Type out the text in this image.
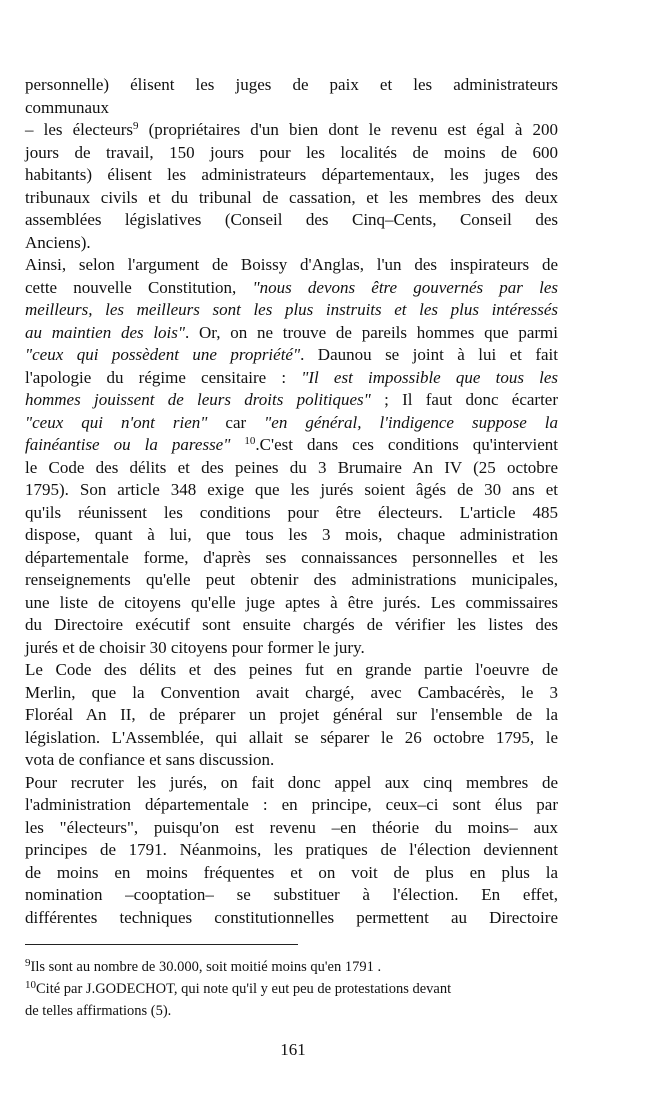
personnelle) élisent les juges de paix et les administrateurs
communaux
– les électeurs$^9$ (propriétaires d'un bien dont le revenu est égal à 200
jours de travail, 150 jours pour les localités de moins de 600
habitants) élisent les administrateurs départementaux, les juges des
tribunaux civils et du tribunal de cassation, et les membres des deux
assemblées législatives (Conseil des Cinq–Cents, Conseil des
Anciens).
Ainsi, selon l'argument de Boissy d'Anglas, l'un des inspirateurs de
cette nouvelle Constitution, "nous devons être gouvernés par les
meilleurs, les meilleurs sont les plus instruits et les plus intéressés
au maintien des lois". Or, on ne trouve de pareils hommes que parmi
"ceux qui possèdent une propriété". Daunou se joint à lui et fait
l'apologie du régime censitaire : "Il est impossible que tous les
hommes jouissent de leurs droits politiques" ; Il faut donc écarter
"ceux qui n'ont rien" car "en général, l'indigence suppose la
fainéantise ou la paresse" $^{10}$.C'est dans ces conditions qu'intervient
le Code des délits et des peines du 3 Brumaire An IV (25 octobre
1795). Son article 348 exige que les jurés soient âgés de 30 ans et
qu'ils réunissent les conditions pour être électeurs. L'article 485
dispose, quant à lui, que tous les 3 mois, chaque administration
départementale forme, d'après ses connaissances personnelles et les
renseignements qu'elle peut obtenir des administrations municipales,
une liste de citoyens qu'elle juge aptes à être jurés. Les commissaires
du Directoire exécutif sont ensuite chargés de vérifier les listes des
jurés et de choisir 30 citoyens pour former le jury.
Le Code des délits et des peines fut en grande partie l'oeuvre de
Merlin, que la Convention avait chargé, avec Cambacérès, le 3
Floréal An II, de préparer un projet général sur l'ensemble de la
législation. L'Assemblée, qui allait se séparer le 26 octobre 1795, le
vota de confiance et sans discussion.
Pour recruter les jurés, on fait donc appel aux cinq membres de
l'administration départementale : en principe, ceux–ci sont élus par
les "électeurs", puisqu'on est revenu –en théorie du moins– aux
principes de 1791. Néanmoins, les pratiques de l'élection deviennent
de moins en moins fréquentes et on voit de plus en plus la
nomination –cooptation– se substituer à l'élection. En effet,
différentes techniques constitutionnelles permettent au Directoire
$^9$Ils sont au nombre de 30.000, soit moitié moins qu'en 1791 .
$^{10}$Cité par J.GODECHOT, qui note qu'il y eut peu de protestations devant
de telles affirmations (5).
161
